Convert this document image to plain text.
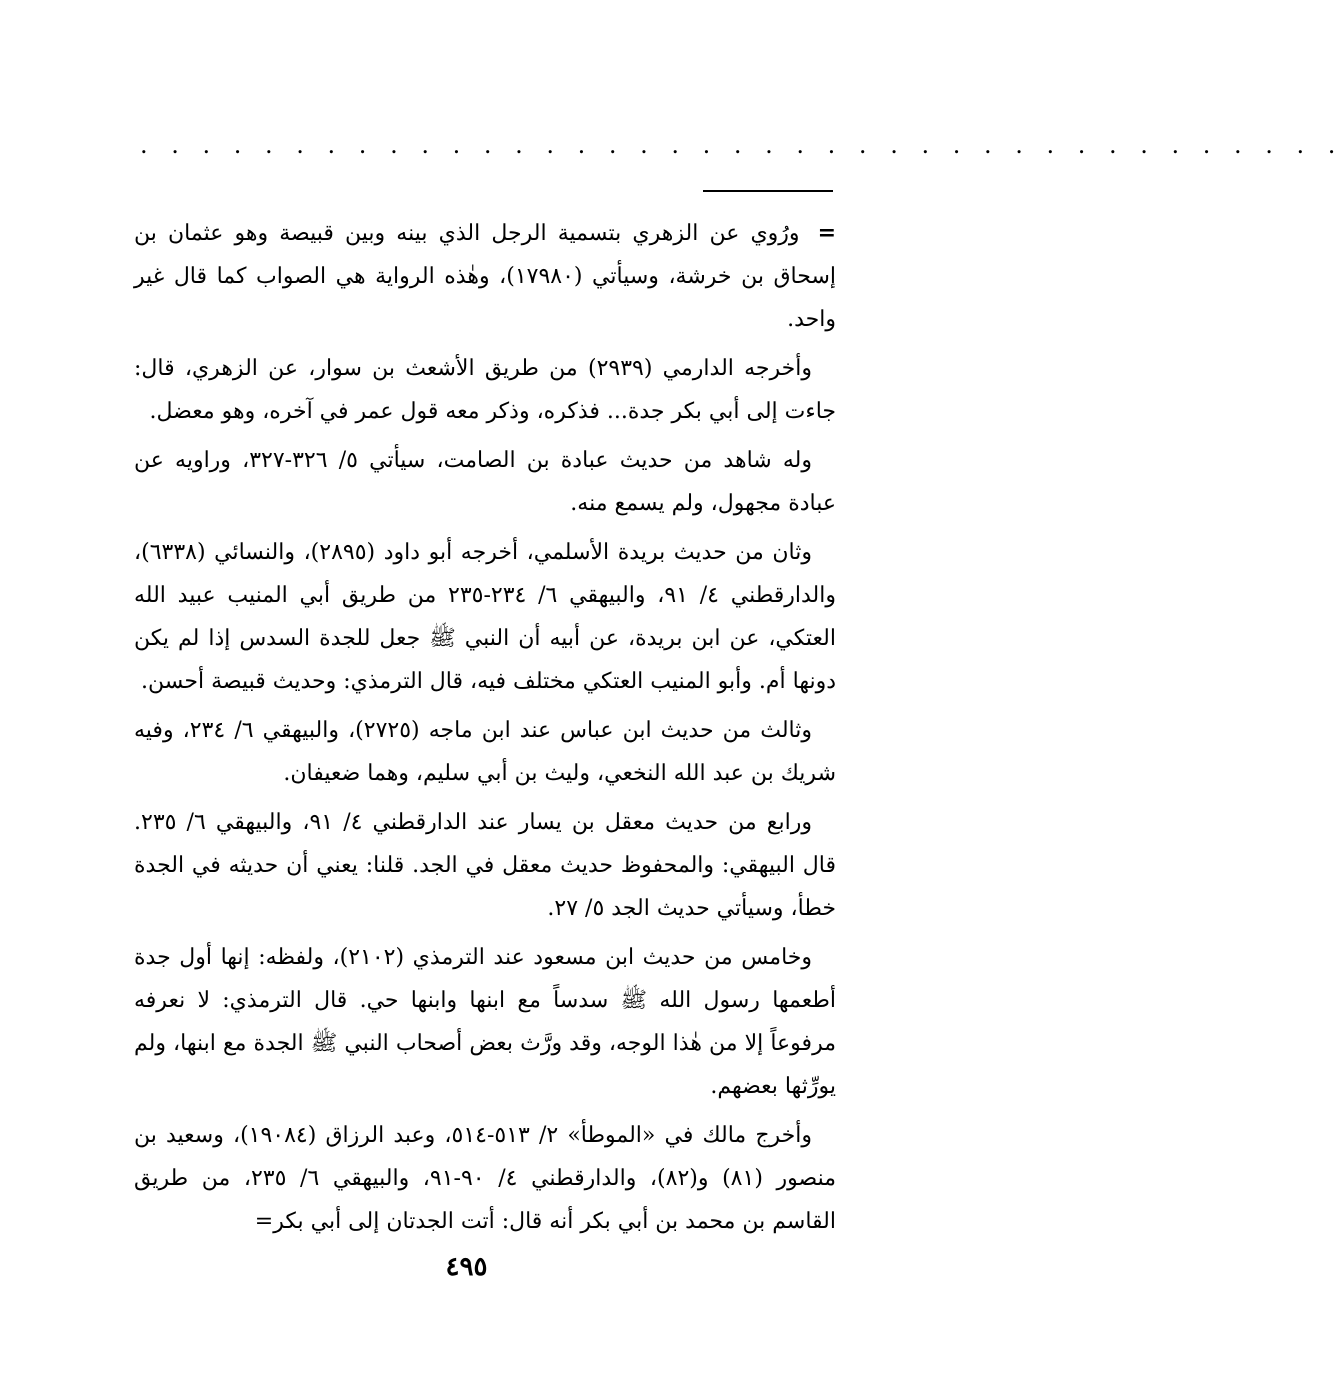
. . . . . . . . . . . . . . . . . . . . . . . . . . . . . . . . . . . . . . .

=ورُوي عن الزهري بتسمية الرجل الذي بينه وبين قبيصة وهو عثمان بن إسحاق بن خرشة، وسيأتي (١٧٩٨٠)، وهٰذه الرواية هي الصواب كما قال غير واحد.

وأخرجه الدارمي (٢٩٣٩) من طريق الأشعث بن سوار، عن الزهري، قال: جاءت إلى أبي بكر جدة... فذكره، وذكر معه قول عمر في آخره، وهو معضل.

وله شاهد من حديث عبادة بن الصامت، سيأتي ٥/ ٣٢٦-٣٢٧، وراويه عن عبادة مجهول، ولم يسمع منه.

وثان من حديث بريدة الأسلمي، أخرجه أبو داود (٢٨٩٥)، والنسائي (٦٣٣٨)، والدارقطني ٤/ ٩١، والبيهقي ٦/ ٢٣٤-٢٣٥ من طريق أبي المنيب عبيد الله العتكي، عن ابن بريدة، عن أبيه أن النبي ﷺ جعل للجدة السدس إذا لم يكن دونها أم. وأبو المنيب العتكي مختلف فيه، قال الترمذي: وحديث قبيصة أحسن.

وثالث من حديث ابن عباس عند ابن ماجه (٢٧٢٥)، والبيهقي ٦/ ٢٣٤، وفيه شريك بن عبد الله النخعي، وليث بن أبي سليم، وهما ضعيفان.

ورابع من حديث معقل بن يسار عند الدارقطني ٤/ ٩١، والبيهقي ٦/ ٢٣٥. قال البيهقي: والمحفوظ حديث معقل في الجد. قلنا: يعني أن حديثه في الجدة خطأ، وسيأتي حديث الجد ٥/ ٢٧.

وخامس من حديث ابن مسعود عند الترمذي (٢١٠٢)، ولفظه: إنها أول جدة أطعمها رسول الله ﷺ سدساً مع ابنها وابنها حي. قال الترمذي: لا نعرفه مرفوعاً إلا من هٰذا الوجه، وقد ورَّث بعض أصحاب النبي ﷺ الجدة مع ابنها، ولم يورِّثها بعضهم.

وأخرج مالك في «الموطأ» ٢/ ٥١٣-٥١٤، وعبد الرزاق (١٩٠٨٤)، وسعيد بن منصور (٨١) و(٨٢)، والدارقطني ٤/ ٩٠-٩١، والبيهقي ٦/ ٢٣٥، من طريق القاسم بن محمد بن أبي بكر أنه قال: أتت الجدتان إلى أبي بكر=

٤٩٥
